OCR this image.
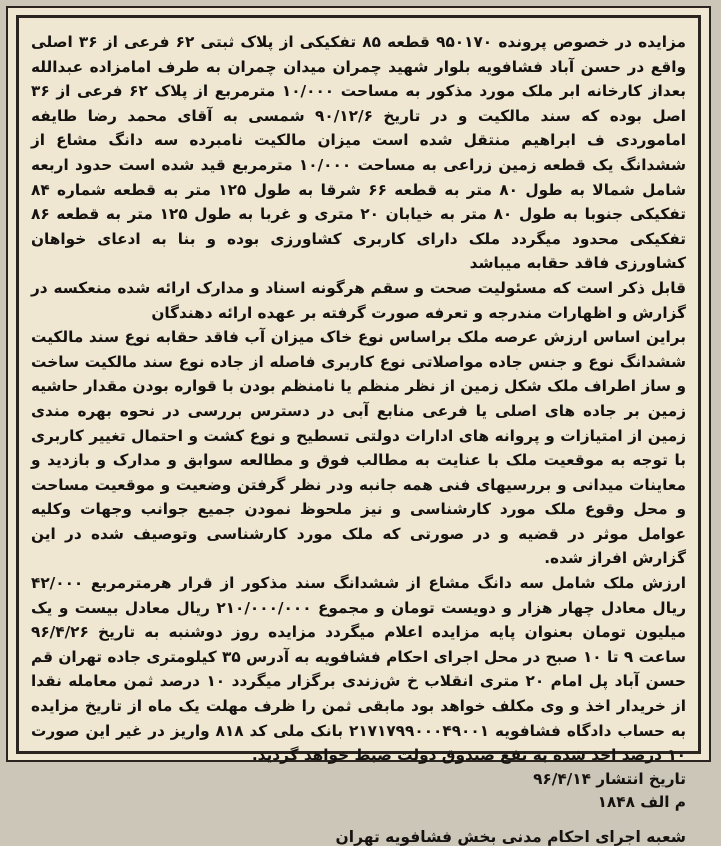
مزایده در خصوص پرونده ۹۵۰۱۷۰ قطعه ۸۵ تفکیکی از پلاک ثبتی ۶۲ فرعی از ۳۶ اصلی واقع در حسن آباد فشافویه بلوار شهید چمران میدان چمران به طرف امامزاده عبدالله بعداز کارخانه ابر ملک مورد مذکور به مساحت ۱۰/۰۰۰ مترمربع از پلاک ۶۲ فرعی از ۳۶ اصل بوده که سند مالکیت و در تاریخ ۹۰/۱۲/۶ شمسی به آقای محمد رضا طایفه امامورد‌ی ف ابراهیم منتقل شده است میزان مالکیت نامبرده سه دانگ مشاع از ششدانگ یک قطعه زمین زراعی به مساحت ۱۰/۰۰۰ مترمربع قید شده است حدود اربعه شامل شمالا به طول ۸۰ متر به قطعه ۶۶ شرقا به طول ۱۲۵ متر به قطعه شماره ۸۴ تفکیکی جنوبا به طول ۸۰ متر به خیابان ۲۰ متری و غربا به طول ۱۲۵ متر به قطعه ۸۶ تفکیکی محدود میگردد ملک دارای کاربری کشاورزی بوده و بنا به ادعای خواهان کشاورزی فاقد حقابه میباشد

قابل ذکر است که مسئولیت صحت و سقم هرگونه اسناد و مدارک ارائه شده منعکسه در گزارش و اظهارات مندرجه و تعرفه صورت گرفته بر عهده ارائه دهندگان

براین اساس ارزش عرصه ملک براساس نوع خاک میزان آب فاقد حقابه نوع سند مالکیت ششدانگ نوع و جنس جاده مواصلاتی نوع کاربری فاصله از جاده نوع سند مالکیت ساخت و ساز اطراف ملک شکل زمین از نظر منظم یا نامنظم بودن با قواره بودن مقدار حاشیه زمین بر جاده های اصلی یا فرعی منابع آبی در دسترس بررسی در نحوه بهره مندی زمین از امتیازات و پروانه های ادارات دولتی تسطیح و نوع کشت و احتمال تغییر کاربری با توجه به موقعیت ملک با عنایت به مطالب فوق و مطالعه سوابق و مدارک و بازدید و معاینات میدانی و بررسیهای فنی همه جانبه ودر نظر گرفتن وضعیت و موقعیت مساحت و محل وقوع ملک مورد کارشناسی و نیز ملحوظ نمودن جمیع جوانب وجهات وکلیه عوامل موثر در قضیه و در صورتی که ملک مورد کارشناسی وتوصیف شده در این گزارش افراز شده.

ارزش ملک شامل سه دانگ مشاع از ششدانگ سند مذکور از قرار هرمترمربع ۴۲/۰۰۰ ریال معادل چهار هزار و دویست تومان و مجموع ۲۱۰/۰۰۰/۰۰۰ ریال معادل بیست و یک میلیون تومان بعنوان پایه مزایده اعلام میگردد مزایده روز دوشنبه به تاریخ ۹۶/۴/۲۶ ساعت ۹ تا ۱۰ صبح در محل اجرای احکام فشافویه به آدرس ۳۵ کیلومتری جاده تهران قم حسن آباد پل امام ۲۰ متری انقلاب خ ش‌زندی برگزار میگردد ۱۰ درصد ثمن معامله نقدا از خریدار اخذ و وی مکلف خواهد بود مابقی ثمن را ظرف مهلت یک ماه از تاریخ مزایده به حساب دادگاه فشافویه ۲۱۷۱۷۹۹۰۰۰۴۹۰۰۱ بانک ملی کد ۸۱۸ واریز در غیر این صورت ۱۰ درصد اخذ شده به نفع صندوق دولت ضبط خواهد گردید.

تاریخ انتشار ۹۶/۴/۱۴

م الف ۱۸۴۸

شعبه اجرای احکام مدنی بخش فشافویه تهران
